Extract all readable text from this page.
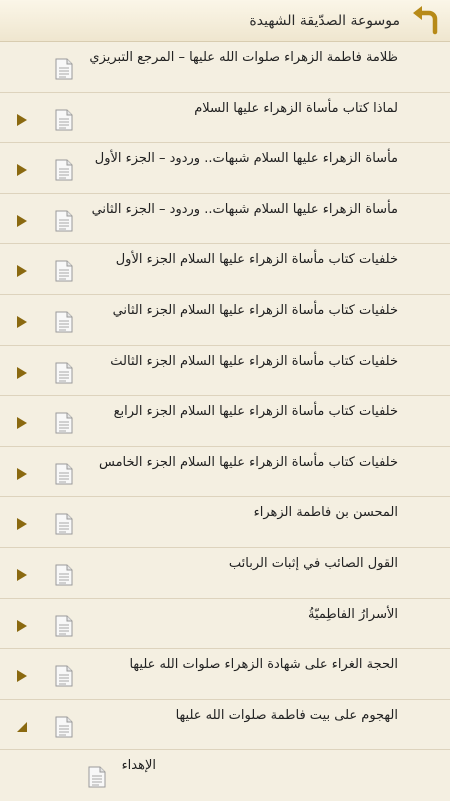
موسوعة الصدّيقة الشهيدة
ظلامة فاطمة الزهراء صلوات الله عليها – المرجع التبريزي
لماذا كتاب مأساة الزهراء عليها السلام
مأساة الزهراء عليها السلام شبهات.. وردود – الجزء الأول
مأساة الزهراء عليها السلام شبهات.. وردود – الجزء الثاني
خلفيات كتاب مأساة الزهراء عليها السلام الجزء الأول
خلفيات كتاب مأساة الزهراء عليها السلام الجزء الثاني
خلفيات كتاب مأساة الزهراء عليها السلام الجزء الثالث
خلفيات كتاب مأساة الزهراء عليها السلام الجزء الرابع
خلفيات كتاب مأساة الزهراء عليها السلام الجزء الخامس
المحسن بن فاطمة الزهراء
القول الصائب في إثبات الربائب
الأسرارُ الفاطِميّةُ
الحجة الغراء على شهادة الزهراء صلوات الله عليها
الهجوم على بيت فاطمة صلوات الله عليها
الإهداء
